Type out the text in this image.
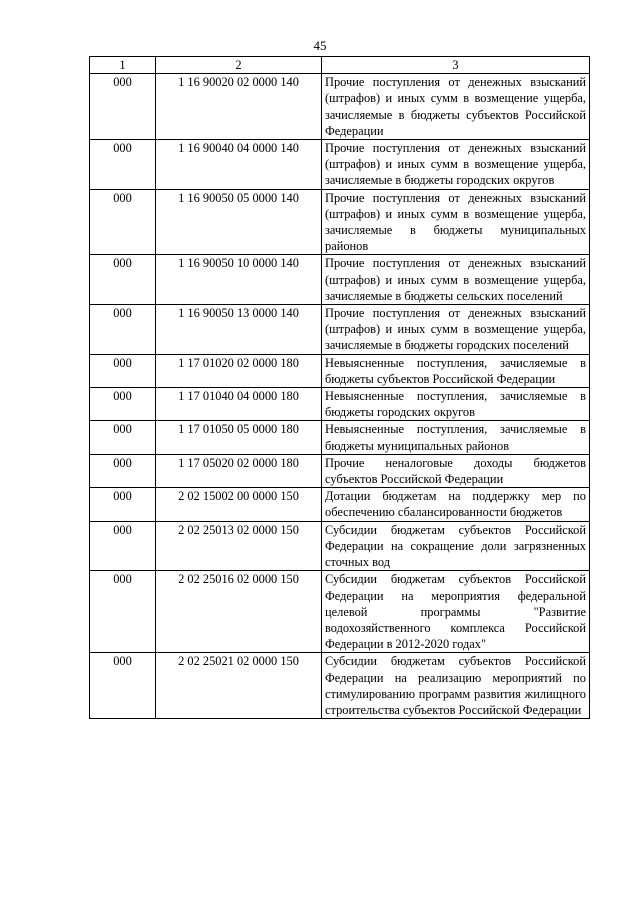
45
1	2	3
000	1 16 90020 02 0000 140	Прочие поступления от денежных взысканий (штрафов) и иных сумм в возмещение ущерба, зачисляемые в бюджеты субъектов Российской Федерации
000	1 16 90040 04 0000 140	Прочие поступления от денежных взысканий (штрафов) и иных сумм в возмещение ущерба, зачисляемые в бюджеты городских округов
000	1 16 90050 05 0000 140	Прочие поступления от денежных взысканий (штрафов) и иных сумм в возмещение ущерба, зачисляемые в бюджеты муниципальных районов
000	1 16 90050 10 0000 140	Прочие поступления от денежных взысканий (штрафов) и иных сумм в возмещение ущерба, зачисляемые в бюджеты сельских поселений
000	1 16 90050 13 0000 140	Прочие поступления от денежных взысканий (штрафов) и иных сумм в возмещение ущерба, зачисляемые в бюджеты городских поселений
000	1 17 01020 02 0000 180	Невыясненные поступления, зачисляемые в бюджеты субъектов Российской Федерации
000	1 17 01040 04 0000 180	Невыясненные поступления, зачисляемые в бюджеты городских округов
000	1 17 01050 05 0000 180	Невыясненные поступления, зачисляемые в бюджеты муниципальных районов
000	1 17 05020 02 0000 180	Прочие неналоговые доходы бюджетов субъектов Российской Федерации
000	2 02 15002 00 0000 150	Дотации бюджетам на поддержку мер по обеспечению сбалансированности бюджетов
000	2 02 25013 02 0000 150	Субсидии бюджетам субъектов Российской Федерации на сокращение доли загрязненных сточных вод
000	2 02 25016 02 0000 150	Субсидии бюджетам субъектов Российской Федерации на мероприятия федеральной целевой программы "Развитие водохозяйственного комплекса Российской Федерации в 2012-2020 годах"
000	2 02 25021 02 0000 150	Субсидии бюджетам субъектов Российской Федерации на реализацию мероприятий по стимулированию программ развития жилищного строительства субъектов Российской Федерации
